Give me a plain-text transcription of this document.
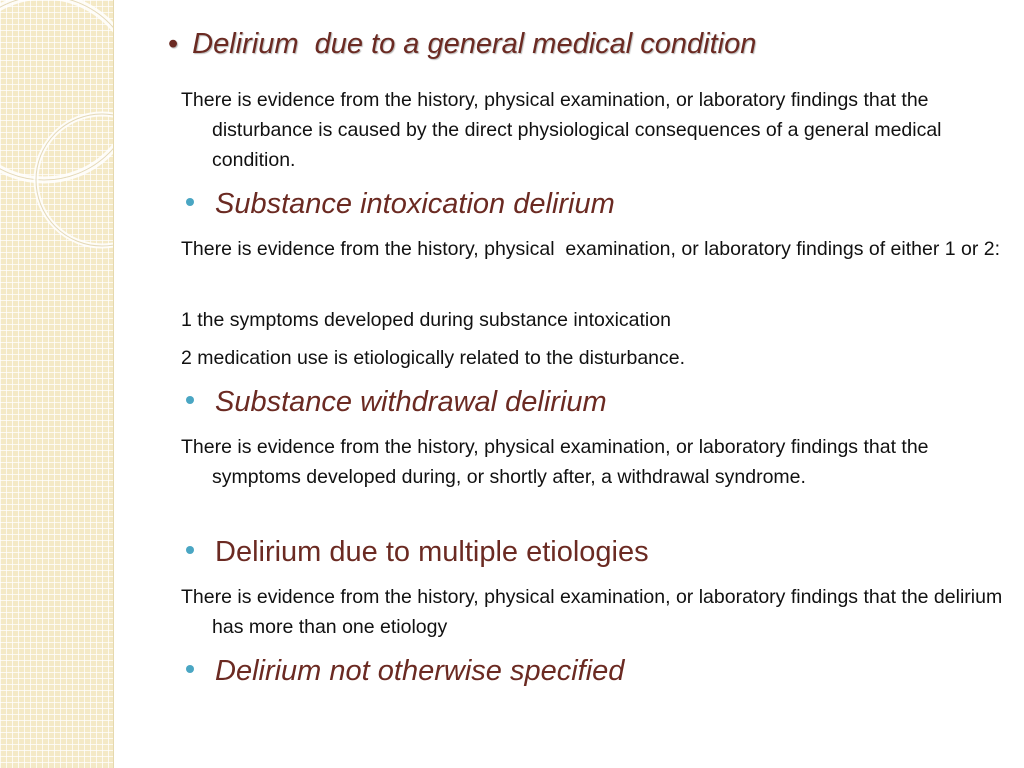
• Delirium  due to a general medical condition
There is evidence from the history, physical examination, or laboratory findings that the disturbance is caused by the direct physiological consequences of a general medical condition.
Substance intoxication delirium
There is evidence from the history, physical  examination, or laboratory findings of either 1 or 2:
1 the symptoms developed during substance intoxication
2 medication use is etiologically related to the disturbance.
Substance withdrawal delirium
There is evidence from the history, physical examination, or laboratory findings that the symptoms developed during, or shortly after, a withdrawal syndrome.
Delirium due to multiple etiologies
There is evidence from the history, physical examination, or laboratory findings that the delirium has more than one etiology
Delirium not otherwise specified
